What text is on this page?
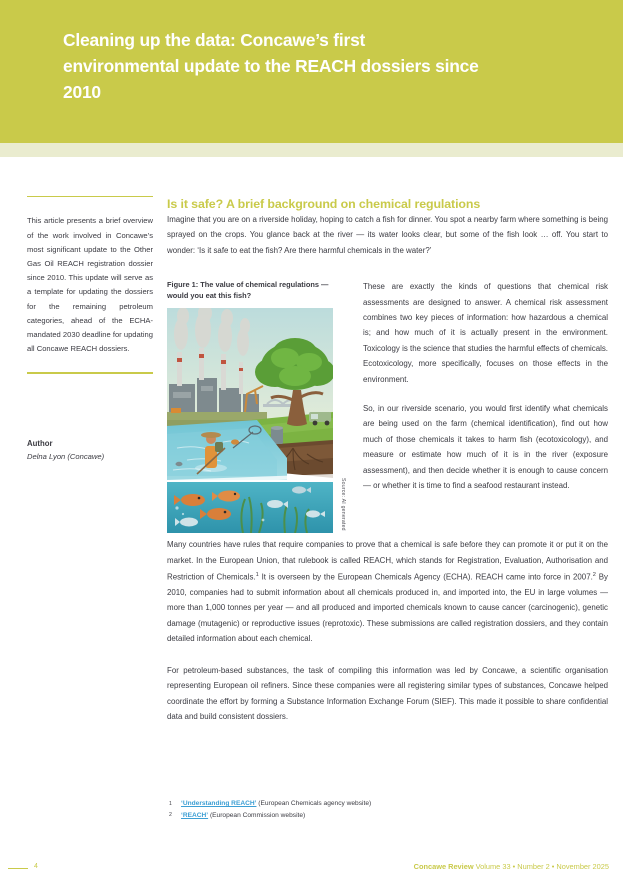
Cleaning up the data: Concawe’s first environmental update to the REACH dossiers since 2010
This article presents a brief overview of the work involved in Concawe’s most significant update to the Other Gas Oil REACH registration dossier since 2010. This update will serve as a template for updating the dossiers for the remaining petroleum categories, ahead of the ECHA-mandated 2030 deadline for updating all Concawe REACH dossiers.
Author
Delna Lyon (Concawe)
Is it safe? A brief background on chemical regulations

Imagine that you are on a riverside holiday, hoping to catch a fish for dinner. You spot a nearby farm where something is being sprayed on the crops. You glance back at the river — its water looks clear, but some of the fish look … off. You start to wonder: ‘Is it safe to eat the fish? Are there harmful chemicals in the water?’

Figure 1: The value of chemical regulations — would you eat this fish?
Source: AI generated

These are exactly the kinds of questions that chemical risk assessments are designed to answer. A chemical risk assessment combines two key pieces of information: how hazardous a chemical is; and how much of it is actually present in the environment. Toxicology is the science that studies the harmful effects of chemicals. Ecotoxicology, more specifically, focuses on those effects in the environment.

So, in our riverside scenario, you would first identify what chemicals are being used on the farm (chemical identification), find out how much of those chemicals it takes to harm fish (ecotoxicology), and measure or estimate how much of it is in the river (exposure assessment), and then decide whether it is enough to cause concern — or whether it is time to find a seafood restaurant instead.

Many countries have rules that require companies to prove that a chemical is safe before they can promote it or put it on the market. In the European Union, that rulebook is called REACH, which stands for Registration, Evaluation, Authorisation and Restriction of Chemicals.$^1$ It is overseen by the European Chemicals Agency (ECHA). REACH came into force in 2007.$^2$ By 2010, companies had to submit information about all chemicals produced in, and imported into, the EU in large volumes — more than 1,000 tonnes per year — and all produced and imported chemicals known to cause cancer (carcinogenic), genetic damage (mutagenic) or reproductive issues (reprotoxic). These submissions are called registration dossiers, and they contain detailed information about each chemical.

For petroleum-based substances, the task of compiling this information was led by Concawe, a scientific organisation representing European oil refiners. Since these companies were all registering similar types of substances, Concawe helped coordinate the effort by forming a Substance Information Exchange Forum (SIEF). This made it possible to share confidential data and build consistent dossiers.

1 ‘Understanding REACH’ (European Chemicals agency website)
2 ‘REACH’ (European Commission website)
4	Concawe Review Volume 33 • Number 2 • November 2025
